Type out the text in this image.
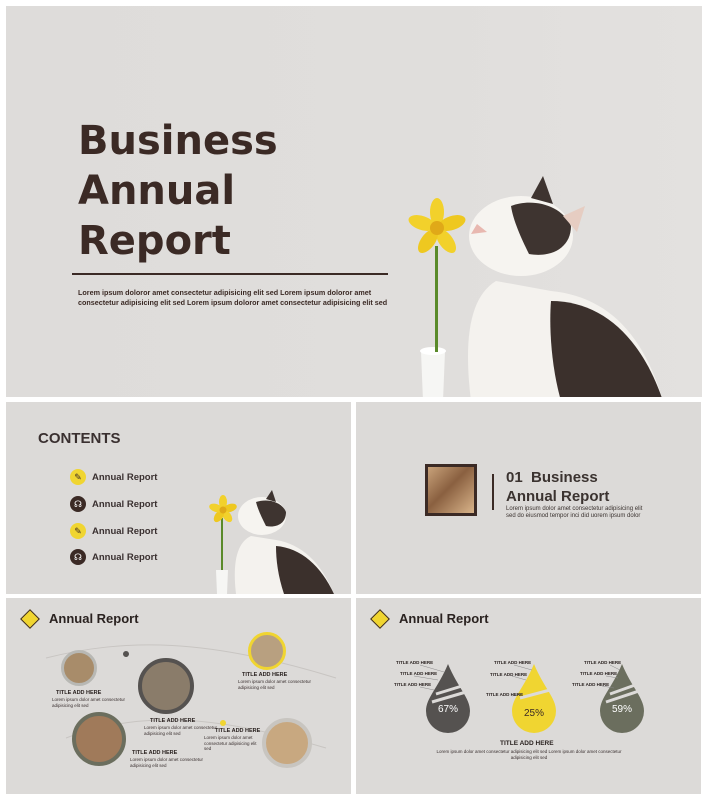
Business
Annual
Report
Lorem ipsum doloror amet consectetur adipisicing elit sed Lorem ipsum doloror amet consectetur adipisicing elit sed Lorem ipsum doloror amet consectetur adipisicing elit sed
CONTENTS
✎	Annual Report
☊	Annual Report
✎	Annual Report
☊	Annual Report
01 Business
Annual Report
Lorem ipsum dolor amet consectetur adipisicing elit sed do eiusmod tempor inci did uorem ipsum dolor
Annual Report
TITLE ADD HERE
Lorem ipsum dolor amet consectetur adipisicing elit sed
TITLE ADD HERE
Lorem ipsum dolor amet consectetur adipisicing elit sed
TITLE ADD HERE
Lorem ipsum dolor amet consectetur adipisicing elit sed
TITLE ADD HERE
Lorem ipsum dolor amet consectetur adipisicing elit sed
TITLE ADD HERE
Lorem ipsum dolor amet consectetur adipisicing elit sed
Annual Report
67%	25%	59%
TITLE ADD HERE
TITLE ADD HERE
TITLE ADD HERE
TITLE ADD HERE
TITLE ADD HERE
TITLE ADD HERE
TITLE ADD HERE
TITLE ADD HERE
TITLE ADD HERE
TITLE ADD HERE
Lorem ipsum dolor amet consectetur adipisicing elit sed Lorem ipsum dolor amet consectetur adipisicing elit sed
